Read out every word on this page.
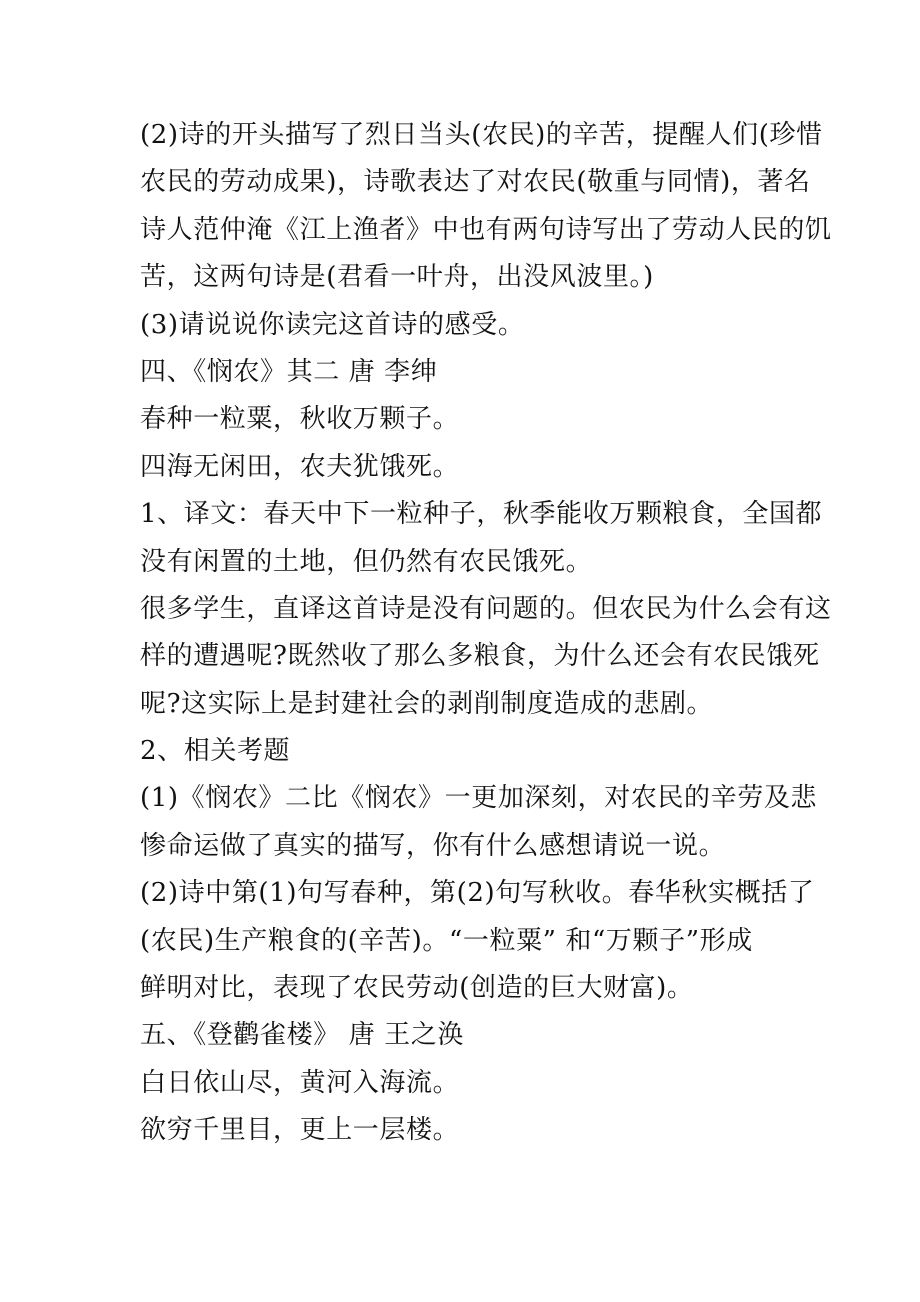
(2)诗的开头描写了烈日当头(农民)的辛苦，提醒人们(珍惜
农民的劳动成果)，诗歌表达了对农民(敬重与同情)，著名
诗人范仲淹《江上渔者》中也有两句诗写出了劳动人民的饥
苦，这两句诗是(君看一叶舟，出没风波里。)
(3)请说说你读完这首诗的感受。
四、《悯农》其二 唐 李绅
春种一粒粟，秋收万颗子。
四海无闲田，农夫犹饿死。
1、译文：春天中下一粒种子，秋季能收万颗粮食，全国都
没有闲置的土地，但仍然有农民饿死。
很多学生，直译这首诗是没有问题的。但农民为什么会有这
样的遭遇呢?既然收了那么多粮食，为什么还会有农民饿死
呢?这实际上是封建社会的剥削制度造成的悲剧。
2、相关考题
(1)《悯农》二比《悯农》一更加深刻，对农民的辛劳及悲
惨命运做了真实的描写，你有什么感想请说一说。
(2)诗中第(1)句写春种，第(2)句写秋收。春华秋实概括了
(农民)生产粮食的(辛苦)。“一粒粟” 和“万颗子”形成
鲜明对比，表现了农民劳动(创造的巨大财富)。
五、《登鹳雀楼》 唐 王之涣
白日依山尽，黄河入海流。
欲穷千里目，更上一层楼。
